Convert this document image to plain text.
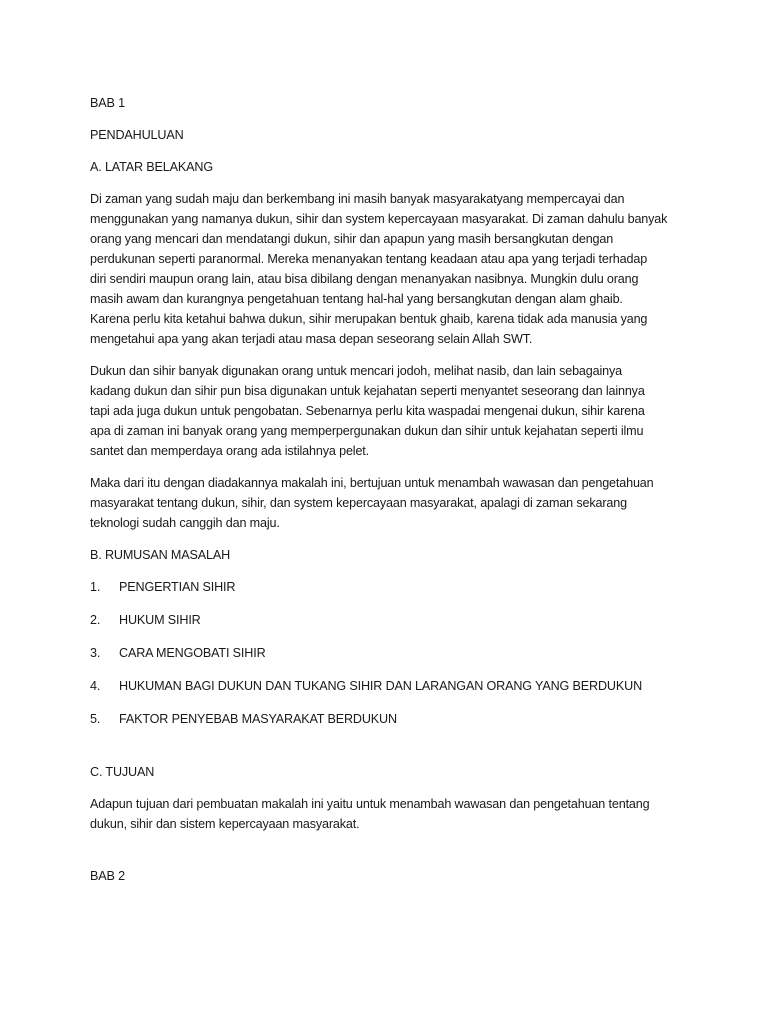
BAB 1
PENDAHULUAN
A. LATAR BELAKANG

Di zaman yang sudah maju dan berkembang ini masih banyak masyarakatyang mempercayai dan

menggunakan yang namanya dukun, sihir dan system kepercayaan masyarakat. Di zaman dahulu banyak

orang yang mencari dan mendatangi dukun, sihir dan apapun yang masih bersangkutan dengan

perdukunan seperti paranormal. Mereka menanyakan tentang keadaan atau apa yang terjadi terhadap

diri sendiri maupun orang lain, atau bisa dibilang dengan menanyakan nasibnya. Mungkin dulu orang

masih awam dan kurangnya pengetahuan tentang hal-hal yang bersangkutan dengan alam ghaib.

Karena perlu kita ketahui bahwa dukun, sihir merupakan bentuk ghaib, karena tidak ada manusia yang

mengetahui apa yang akan terjadi atau masa depan seseorang selain Allah SWT.

Dukun dan sihir banyak digunakan orang untuk mencari jodoh, melihat nasib, dan lain sebagainya

kadang dukun dan sihir pun bisa digunakan untuk kejahatan seperti menyantet seseorang dan lainnya

tapi ada juga dukun untuk pengobatan. Sebenarnya perlu kita waspadai mengenai dukun, sihir karena

apa di zaman ini banyak orang yang memperpergunakan dukun dan sihir untuk kejahatan seperti ilmu

santet dan memperdaya orang ada istilahnya pelet.

Maka dari itu dengan diadakannya makalah ini, bertujuan untuk menambah wawasan dan pengetahuan

masyarakat tentang dukun, sihir, dan system kepercayaan masyarakat, apalagi di zaman sekarang

teknologi sudah canggih dan maju.

B. RUMUSAN MASALAH
1.	PENGERTIAN SIHIR
2.	HUKUM SIHIR
3.	CARA MENGOBATI SIHIR
4.	HUKUMAN BAGI DUKUN DAN TUKANG SIHIR DAN LARANGAN ORANG YANG BERDUKUN
5.	FAKTOR PENYEBAB MASYARAKAT BERDUKUN
C. TUJUAN

Adapun tujuan dari pembuatan makalah ini yaitu untuk menambah wawasan dan pengetahuan tentang

dukun, sihir dan sistem kepercayaan masyarakat.

BAB 2
